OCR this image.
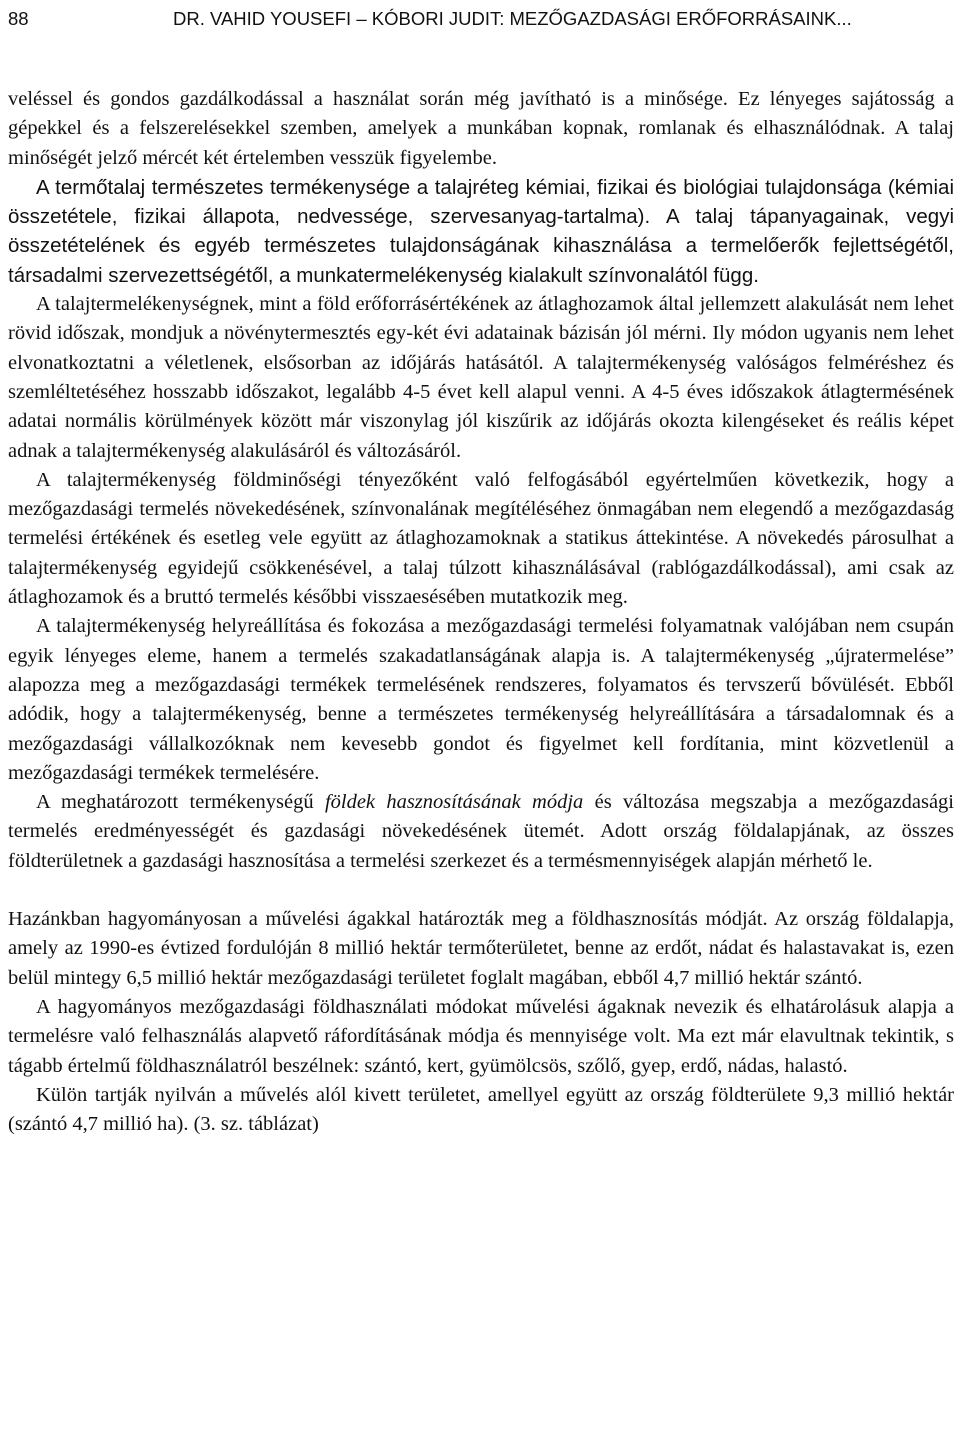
88	DR. VAHID YOUSEFI – KÓBORI JUDIT: MEZŐGAZDASÁGI ERŐFORRÁSAINK...

veléssel és gondos gazdálkodással a használat során még javítható is a minősége. Ez lényeges sajátosság a gépekkel és a felszerelésekkel szemben, amelyek a munkában kopnak, romlanak és elhasználódnak. A talaj minőségét jelző mércét két értelemben vesszük figyelembe.

A termőtalaj természetes termékenysége a talajréteg kémiai, fizikai és biológiai tulajdonsága (kémiai összetétele, fizikai állapota, nedvessége, szervesanyag-tartalma). A talaj tápanyagainak, vegyi összetételének és egyéb természetes tulajdonságának kihasználása a termelőerők fejlettségétől, társadalmi szervezettségétől, a munkatermelékenység kialakult színvonalától függ.

A talajtermelékenységnek, mint a föld erőforrásértékének az átlaghozamok által jellemzett alakulását nem lehet rövid időszak, mondjuk a növénytermesztés egy-két évi adatainak bázisán jól mérni. Ily módon ugyanis nem lehet elvonatkoztatni a véletlenek, elsősorban az időjárás hatásától. A talajtermékenység valóságos felméréshez és szemléltetéséhez hosszabb időszakot, legalább 4-5 évet kell alapul venni. A 4-5 éves időszakok átlagtermésének adatai normális körülmények között már viszonylag jól kiszűrik az időjárás okozta kilengéseket és reális képet adnak a talajtermékenység alakulásáról és változásáról.

A talajtermékenység földminőségi tényezőként való felfogásából egyértelműen következik, hogy a mezőgazdasági termelés növekedésének, színvonalának megítéléséhez önmagában nem elegendő a mezőgazdaság termelési értékének és esetleg vele együtt az átlaghozamoknak a statikus áttekintése. A növekedés párosulhat a talajtermékenység egyidejű csökkenésével, a talaj túlzott kihasználásával (rablógazdálkodással), ami csak az átlaghozamok és a bruttó termelés későbbi visszaesésében mutatkozik meg.

A talajtermékenység helyreállítása és fokozása a mezőgazdasági termelési folyamatnak valójában nem csupán egyik lényeges eleme, hanem a termelés szakadatlanságának alapja is. A talajtermékenység „újratermelése” alapozza meg a mezőgazdasági termékek termelésének rendszeres, folyamatos és tervszerű bővülését. Ebből adódik, hogy a talajtermékenység, benne a természetes termékenység helyreállítására a társadalomnak és a mezőgazdasági vállalkozóknak nem kevesebb gondot és figyelmet kell fordítania, mint közvetlenül a mezőgazdasági termékek termelésére.

A meghatározott termékenységű földek hasznosításának módja és változása megszabja a mezőgazdasági termelés eredményességét és gazdasági növekedésének ütemét. Adott ország földalapjának, az összes földterületnek a gazdasági hasznosítása a termelési szerkezet és a termésmennyiségek alapján mérhető le.

Hazánkban hagyományosan a művelési ágakkal határozták meg a földhasznosítás módját. Az ország földalapja, amely az 1990-es évtized fordulóján 8 millió hektár termőterületet, benne az erdőt, nádat és halastavakat is, ezen belül mintegy 6,5 millió hektár mezőgazdasági területet foglalt magában, ebből 4,7 millió hektár szántó.

A hagyományos mezőgazdasági földhasználati módokat művelési ágaknak nevezik és elhatárolásuk alapja a termelésre való felhasználás alapvető ráfordításának módja és mennyisége volt. Ma ezt már elavultnak tekintik, s tágabb értelmű földhasználatról beszélnek: szántó, kert, gyümölcsös, szőlő, gyep, erdő, nádas, halastó.

Külön tartják nyilván a művelés alól kivett területet, amellyel együtt az ország földterülete 9,3 millió hektár (szántó 4,7 millió ha). (3. sz. táblázat)
